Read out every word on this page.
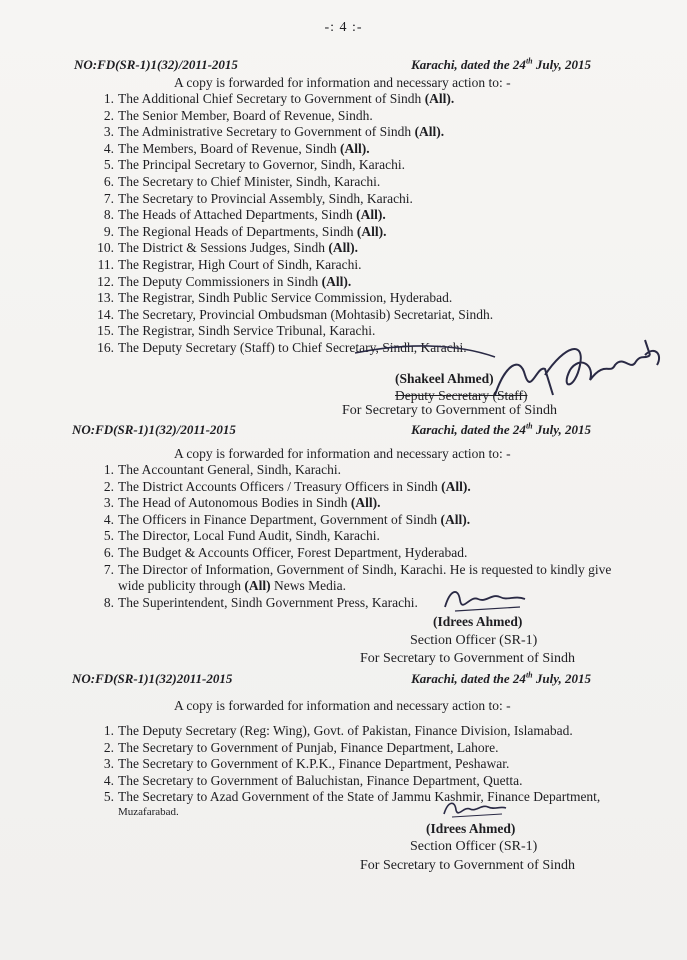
-: 4 :-
NO:FD(SR-1)1(32)/2011-2015	Karachi, dated the 24th July, 2015
A copy is forwarded for information and necessary action to: -
1. The Additional Chief Secretary to Government of Sindh (All).
2. The Senior Member, Board of Revenue, Sindh.
3. The Administrative Secretary to Government of Sindh (All).
4. The Members, Board of Revenue, Sindh (All).
5. The Principal Secretary to Governor, Sindh, Karachi.
6. The Secretary to Chief Minister, Sindh, Karachi.
7. The Secretary to Provincial Assembly, Sindh, Karachi.
8. The Heads of Attached Departments, Sindh (All).
9. The Regional Heads of Departments, Sindh (All).
10. The District & Sessions Judges, Sindh (All).
11. The Registrar, High Court of Sindh, Karachi.
12. The Deputy Commissioners in Sindh (All).
13. The Registrar, Sindh Public Service Commission, Hyderabad.
14. The Secretary, Provincial Ombudsman (Mohtasib) Secretariat, Sindh.
15. The Registrar, Sindh Service Tribunal, Karachi.
16. The Deputy Secretary (Staff) to Chief Secretary, Sindh, Karachi.
(Shakeel Ahmed)
Deputy Secretary (Staff)
For Secretary to Government of Sindh
NO:FD(SR-1)1(32)/2011-2015	Karachi, dated the 24th July, 2015
A copy is forwarded for information and necessary action to: -
1. The Accountant General, Sindh, Karachi.
2. The District Accounts Officers / Treasury Officers in Sindh (All).
3. The Head of Autonomous Bodies in Sindh (All).
4. The Officers in Finance Department, Government of Sindh (All).
5. The Director, Local Fund Audit, Sindh, Karachi.
6. The Budget & Accounts Officer, Forest Department, Hyderabad.
7. The Director of Information, Government of Sindh, Karachi. He is requested to kindly give wide publicity through (All) News Media.
8. The Superintendent, Sindh Government Press, Karachi.
(Idrees Ahmed)
Section Officer (SR-1)
For Secretary to Government of Sindh
NO:FD(SR-1)1(32)2011-2015	Karachi, dated the 24th July, 2015
A copy is forwarded for information and necessary action to: -
1. The Deputy Secretary (Reg: Wing), Govt. of Pakistan, Finance Division, Islamabad.
2. The Secretary to Government of Punjab, Finance Department, Lahore.
3. The Secretary to Government of K.P.K., Finance Department, Peshawar.
4. The Secretary to Government of Baluchistan, Finance Department, Quetta.
5. The Secretary to Azad Government of the State of Jammu Kashmir, Finance Department,
Muzafarabad.
(Idrees Ahmed)
Section Officer (SR-1)
For Secretary to Government of Sindh
